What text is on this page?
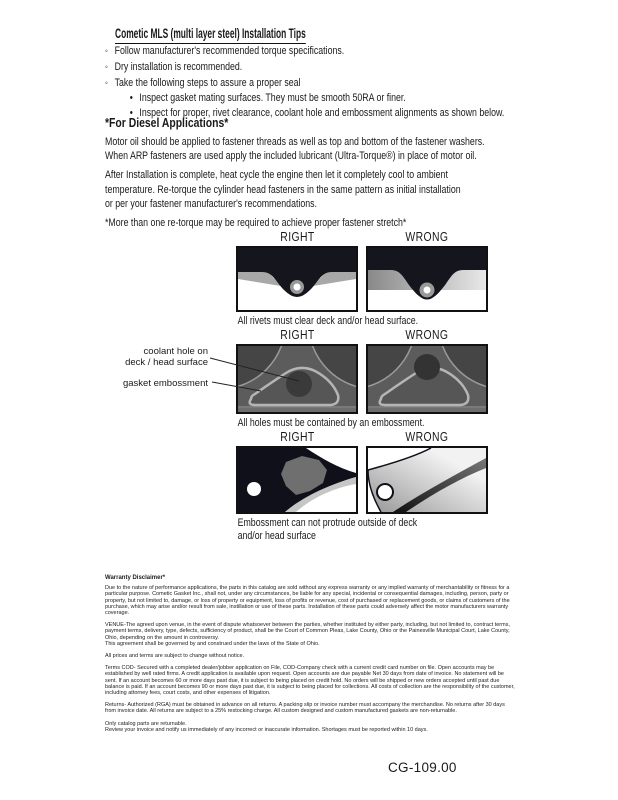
Cometic MLS (multi layer steel) Installation Tips
◦
Follow manufacturer's recommended torque specifications.
◦
Dry installation is recommended.
◦
Take the following steps to assure a proper seal
•
Inspect gasket mating surfaces. They must be smooth 50RA or finer.
•
Inspect for proper, rivet clearance, coolant hole and embossment alignments as shown below.
*For Diesel Applications*
Motor oil should be applied to fastener threads as well as top and bottom of the fastener washers.
When ARP fasteners are used apply the included lubricant (Ultra-Torque®) in place of motor oil.
After Installation is complete, heat cycle the engine then let it completely cool to ambient
temperature. Re-torque the cylinder head fasteners in the same pattern as initial installation
or per your fastener manufacturer's recommendations.
*More than one re-torque may be required to achieve proper fastener stretch*
RIGHT	WRONG
All rivets must clear deck and/or head surface.
RIGHT	WRONG
All holes must be contained by an embossment.
coolant hole on
deck / head surface
gasket embossment
RIGHT	WRONG
Embossment can not protrude outside of deck
and/or head surface
Warranty Disclaimer*

Due to the nature of performance applications, the parts in this catalog are sold without any express warranty or any implied warranty of merchantability or fitness for a particular purpose. Cometic Gasket Inc., shall not, under any circumstances, be liable for any special, incidental or consequential damages, including, person, party or property, but not limited to, damage, or loss of property or equipment, loss of profits or revenue, cost of purchased or replacement goods, or claims of customers of the purchase, which may arise and/or result from sale, instillation or use of these parts. Installation of these parts could adversely affect the motor manufacturers warranty coverage.

VENUE-The agreed upon venue, in the event of dispute whatsoever between the parties, whether instituted by either party, including, but not limited to, contract terms, payment terms, delivery, type, defects, sufficiency of product, shall be the Court of Common Pleas, Lake County, Ohio or the Painesville Municipal Court, Lake County, Ohio, depending on the amount in controversy.
This agreement shall be governed by and construed under the laws of the State of Ohio.

All prices and terms are subject to change without notice.

Terms COD- Secured with a completed dealer/jobber application on File, COD-Company check with a current credit card number on file. Open accounts may be established by well rated firms. A credit application is available upon request. Open accounts are due payable Net 30 days from date of invoice. No statement will be sent. If an account becomes 60 or more days past due, it is subject to being placed on credit hold. No orders will be shipped or new orders accepted until past due balance is paid. If an account becomes 90 or more days past due, it is subject to being placed for collections. All costs of collection are the responsibility of the customer, including attorney fees, court costs, and other expenses of litigation.

Returns- Authorized (RGA) must be obtained in advance on all returns. A packing slip or invoice number must accompany the merchandise. No returns after 30 days from invoice date. All returns are subject to a 25% restocking charge. All custom designed and custom manufactured gaskets are non-returnable.

Only catalog parts are returnable.
Review your invoice and notify us immediately of any incorrect or inaccurate information. Shortages must be reported within 10 days.

CG-109.00
